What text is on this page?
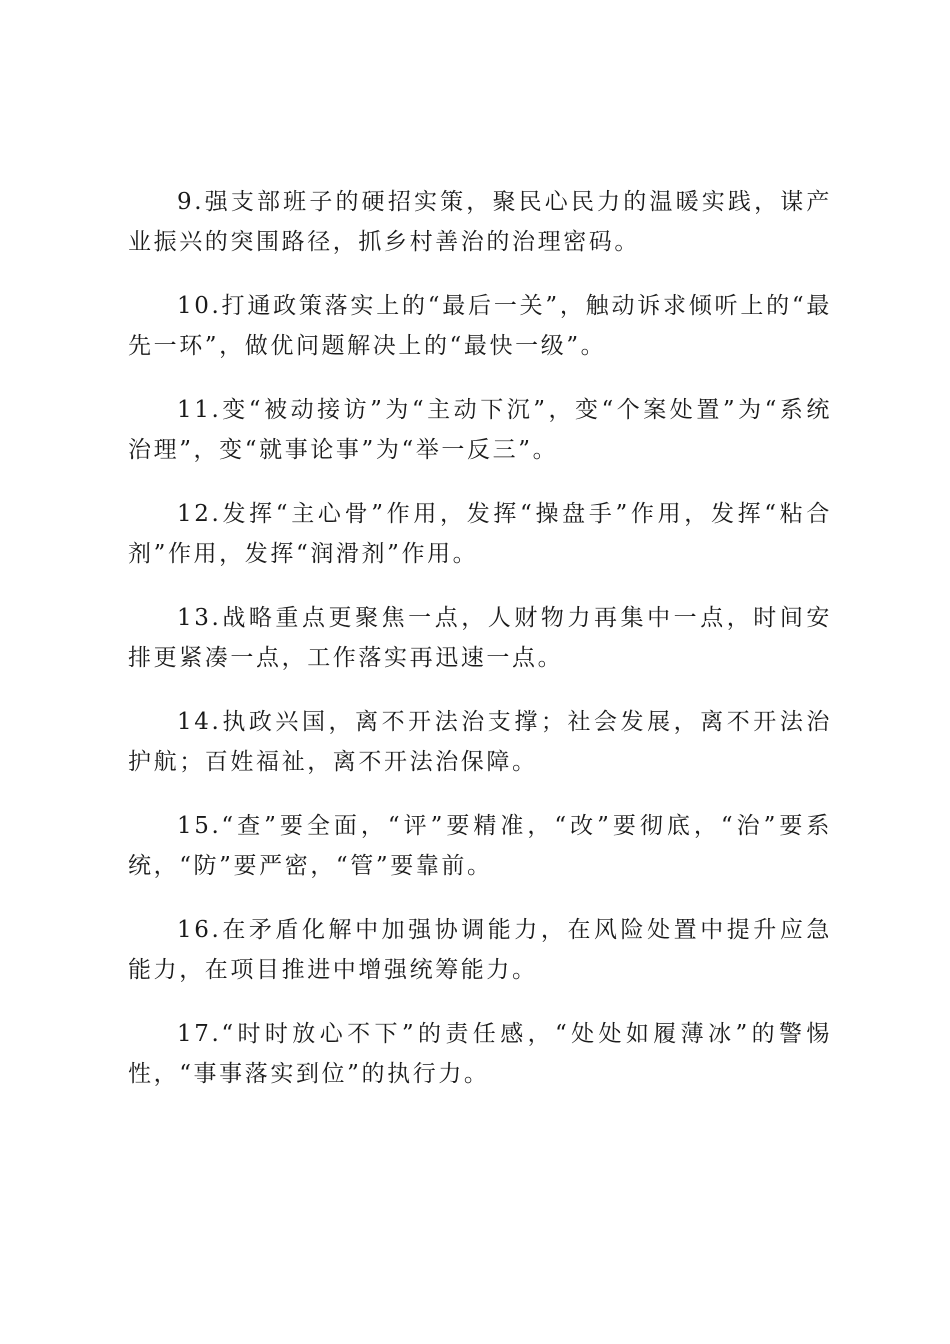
9.强支部班子的硬招实策，聚民心民力的温暖实践，谋产业振兴的突围路径，抓乡村善治的治理密码。

10.打通政策落实上的“最后一关”，触动诉求倾听上的“最先一环”，做优问题解决上的“最快一级”。

11.变“被动接访”为“主动下沉”，变“个案处置”为“系统治理”，变“就事论事”为“举一反三”。

12.发挥“主心骨”作用，发挥“操盘手”作用，发挥“粘合剂”作用，发挥“润滑剂”作用。

13.战略重点更聚焦一点，人财物力再集中一点，时间安排更紧凑一点，工作落实再迅速一点。

14.执政兴国，离不开法治支撑；社会发展，离不开法治护航；百姓福祉，离不开法治保障。

15.“查”要全面，“评”要精准，“改”要彻底，“治”要系统，“防”要严密，“管”要靠前。

16.在矛盾化解中加强协调能力，在风险处置中提升应急能力，在项目推进中增强统筹能力。

17.“时时放心不下”的责任感，“处处如履薄冰”的警惕性，“事事落实到位”的执行力。
